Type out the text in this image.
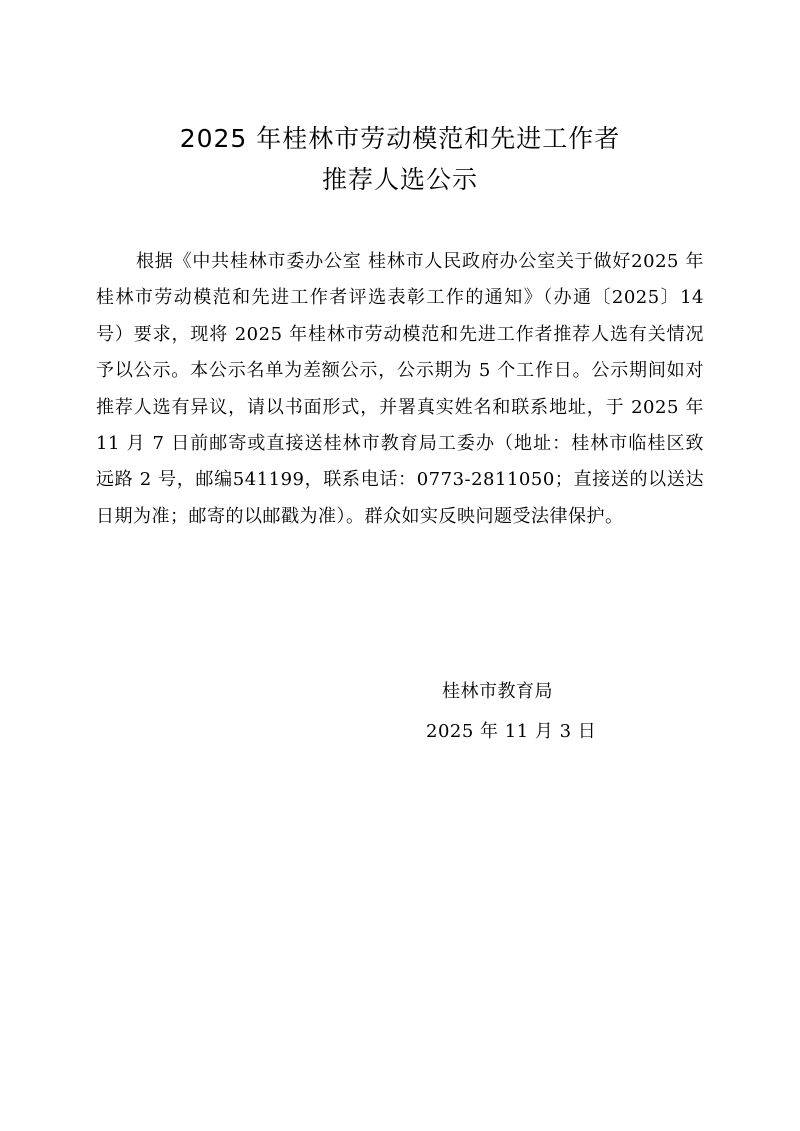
2025 年桂林市劳动模范和先进工作者
推荐人选公示

根据《中共桂林市委办公室 桂林市人民政府办公室关于做好2025 年桂林市劳动模范和先进工作者评选表彰工作的通知》（办通〔2025〕14 号）要求，现将 2025 年桂林市劳动模范和先进工作者推荐人选有关情况予以公示。本公示名单为差额公示，公示期为 5 个工作日。公示期间如对推荐人选有异议，请以书面形式，并署真实姓名和联系地址，于 2025 年 11 月 7 日前邮寄或直接送桂林市教育局工委办（地址：桂林市临桂区致远路 2 号，邮编541199，联系电话：0773-2811050；直接送的以送达日期为准；邮寄的以邮戳为准）。群众如实反映问题受法律保护。

桂林市教育局
2025 年 11 月 3 日
